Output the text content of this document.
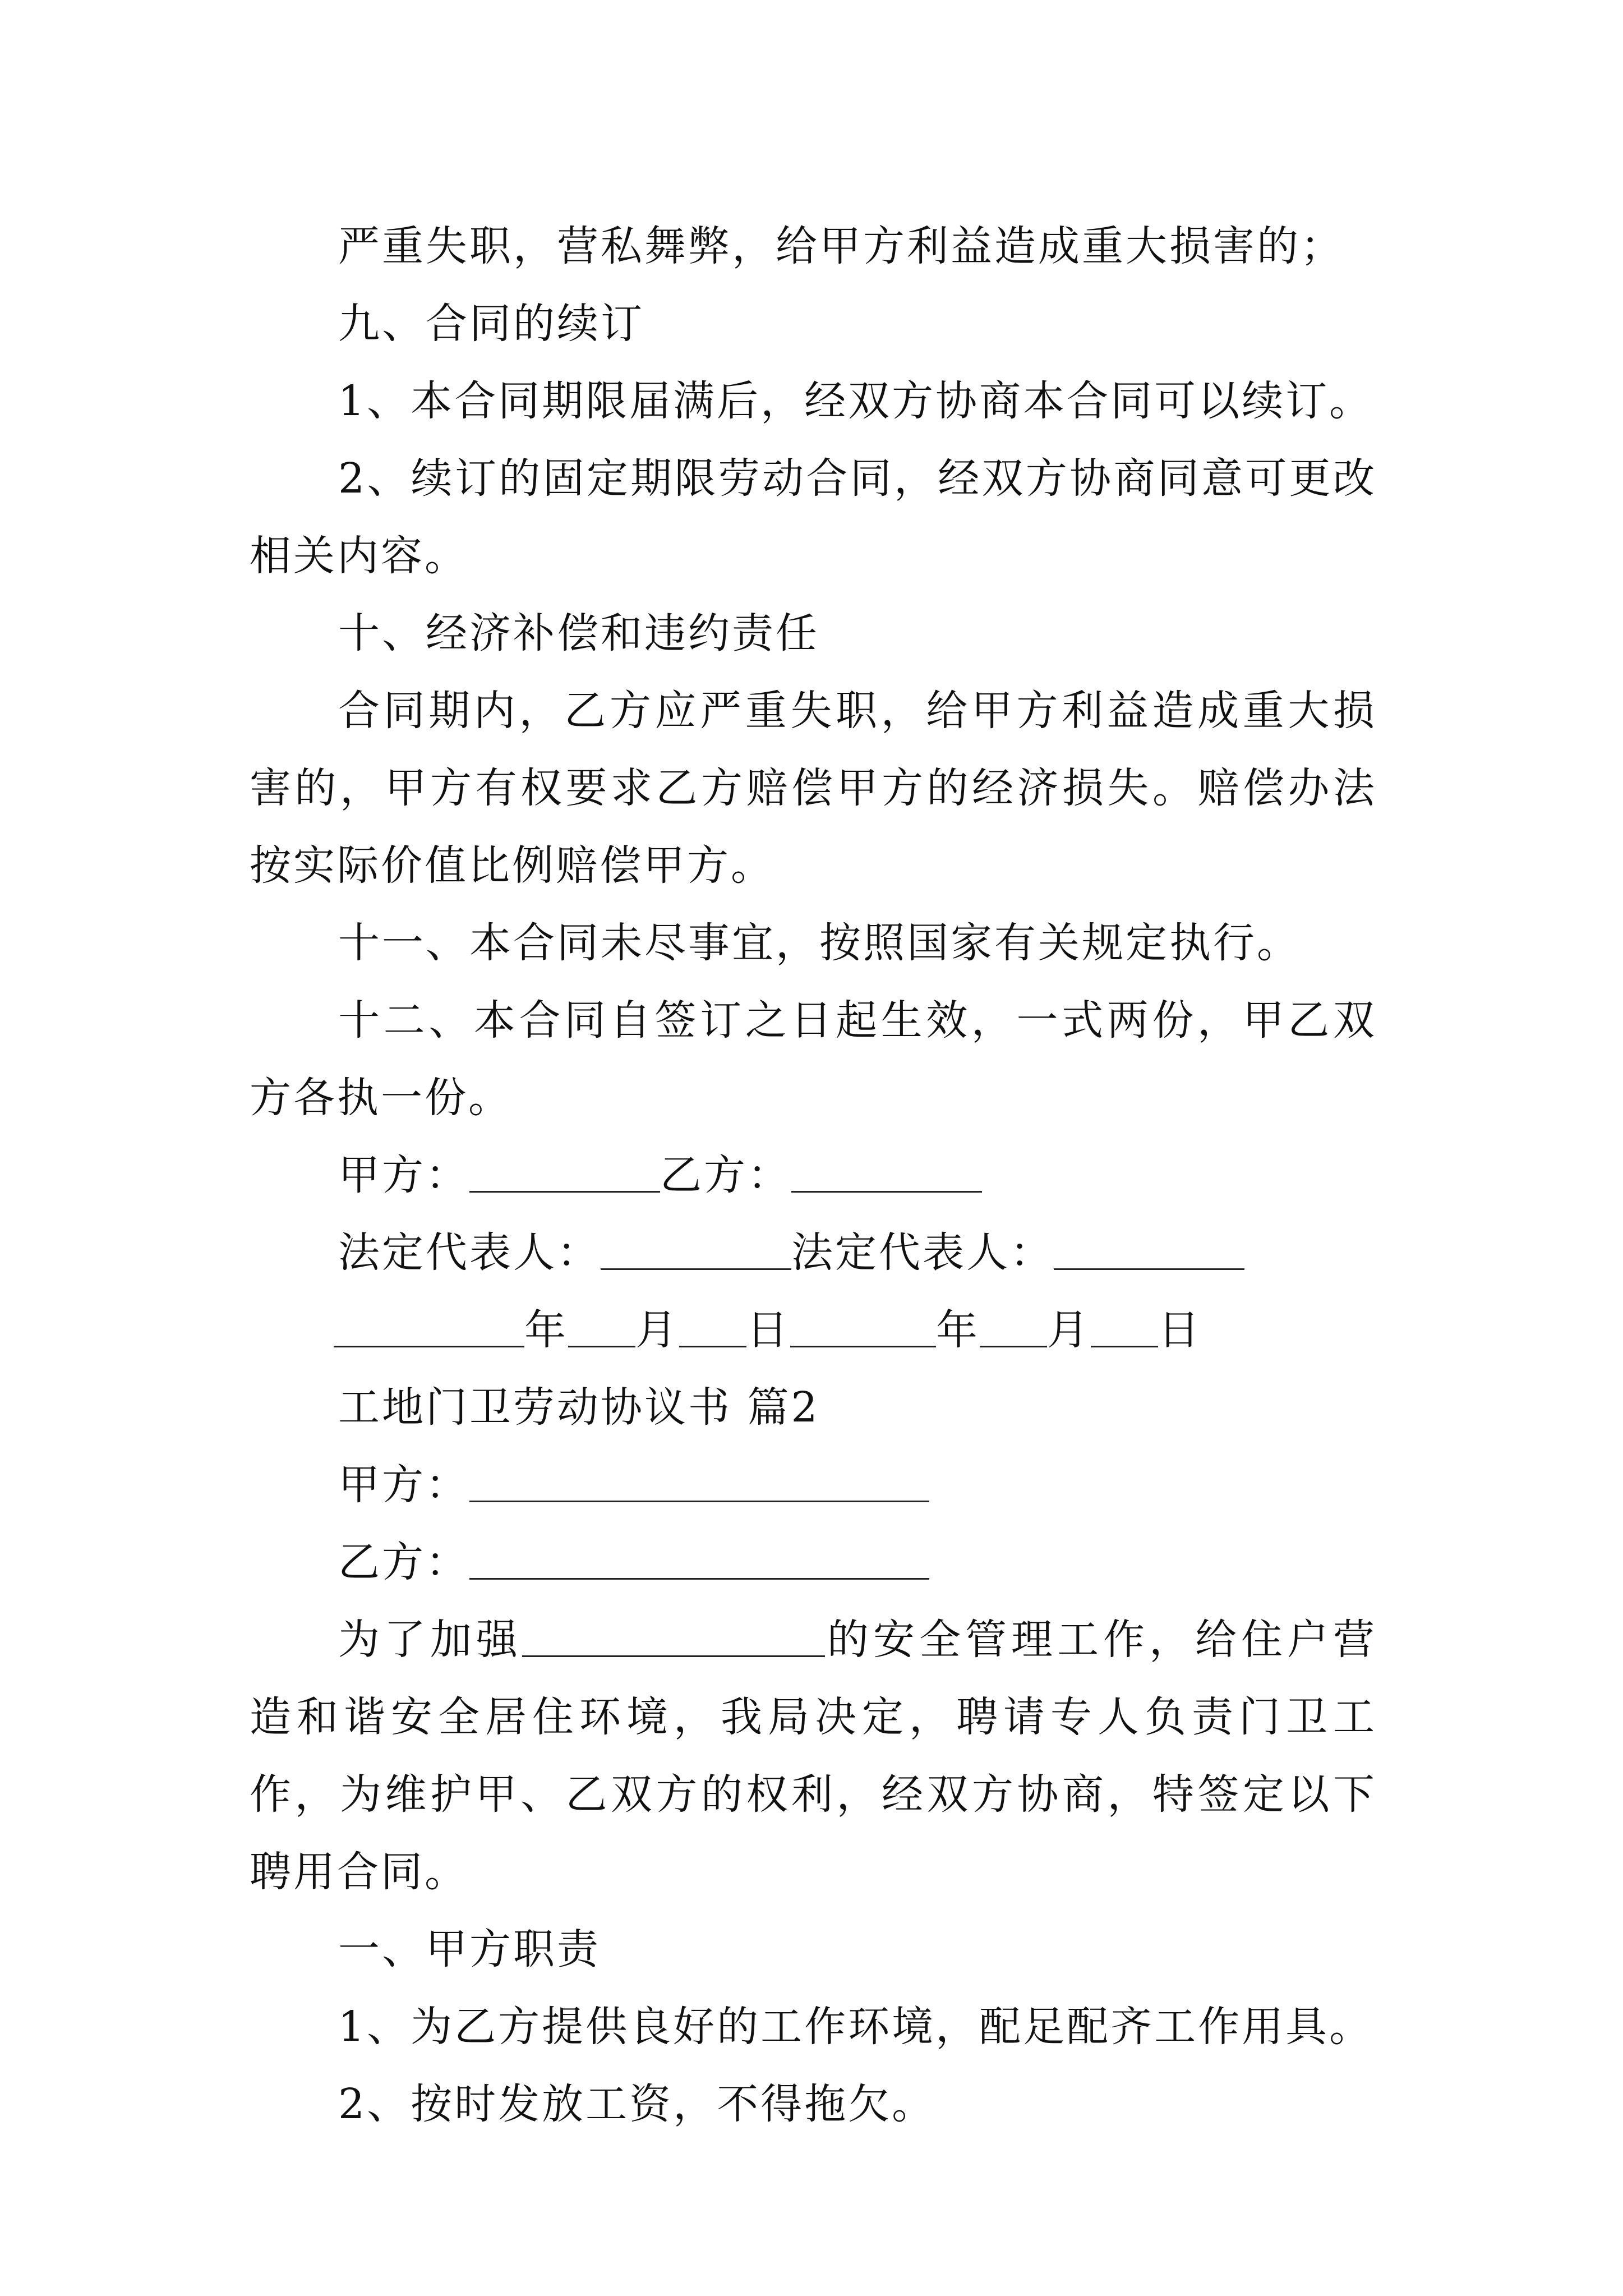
严重失职，营私舞弊，给甲方利益造成重大损害的；

九、合同的续订

1、本合同期限届满后，经双方协商本合同可以续订。

2、续订的固定期限劳动合同，经双方协商同意可更改相关内容。

十、经济补偿和违约责任

合同期内，乙方应严重失职，给甲方利益造成重大损害的，甲方有权要求乙方赔偿甲方的经济损失。赔偿办法按实际价值比例赔偿甲方。

十一、本合同未尽事宜，按照国家有关规定执行。

十二、本合同自签订之日起生效，一式两份，甲乙双方各执一份。

甲方：	乙方：

法定代表人：	法定代表人：

年 月 日	年 月 日

工地门卫劳动协议书 篇2

甲方：

乙方：

为了加强	的安全管理工作，给住户营造和谐安全居住环境，我局决定，聘请专人负责门卫工作，为维护甲、乙双方的权利，经双方协商，特签定以下聘用合同。

一、甲方职责

1、为乙方提供良好的工作环境，配足配齐工作用具。

2、按时发放工资，不得拖欠。
